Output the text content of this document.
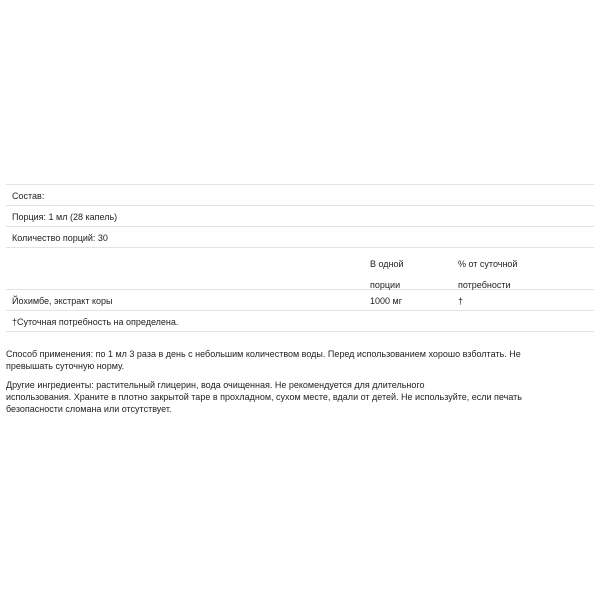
Состав:
Порция: 1 мл (28 капель)
Количество порций: 30
В одной
порции
% от суточной
потребности
Йохимбе, экстракт коры	1000 мг	†
†Суточная потребность на определена.
Способ применения: по 1 мл 3 раза в день с небольшим количеством воды. Перед использованием хорошо взболтать. Не
превышать суточную норму.
Другие ингредиенты: растительный глицерин, вода очищенная. Не рекомендуется для длительного
использования. Храните в плотно закрытой таре в прохладном, сухом месте, вдали от детей. Не используйте, если печать
безопасности сломана или отсутствует.
